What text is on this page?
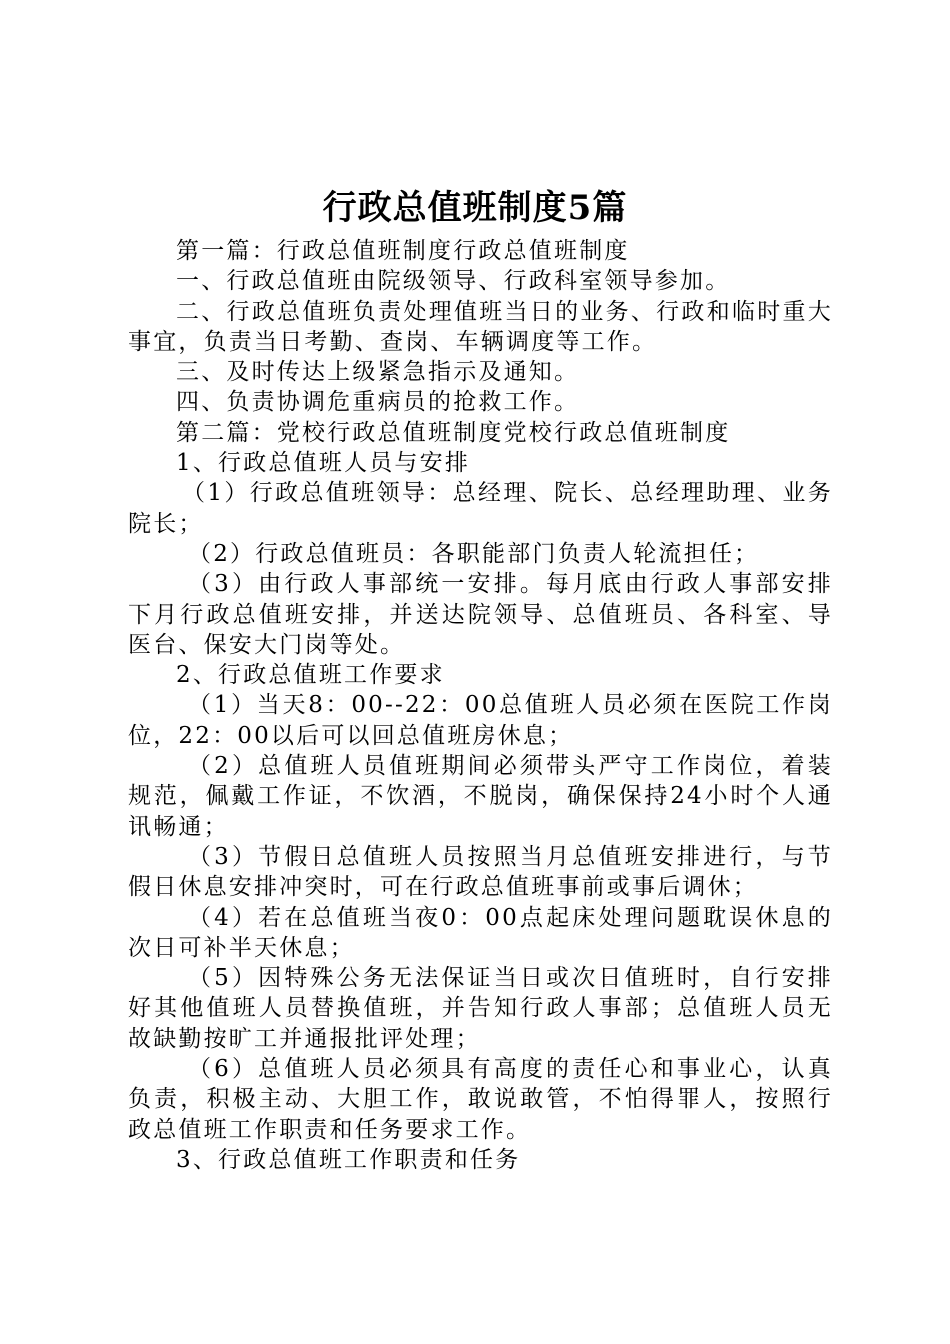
行政总值班制度5篇

第一篇：行政总值班制度行政总值班制度

一、行政总值班由院级领导、行政科室领导参加。

二、行政总值班负责处理值班当日的业务、行政和临时重大事宜，负责当日考勤、查岗、车辆调度等工作。

三、及时传达上级紧急指示及通知。

四、负责协调危重病员的抢救工作。

第二篇：党校行政总值班制度党校行政总值班制度

1、行政总值班人员与安排

（1）行政总值班领导：总经理、院长、总经理助理、业务院长；

（2）行政总值班员：各职能部门负责人轮流担任；

（3）由行政人事部统一安排。每月底由行政人事部安排下月行政总值班安排，并送达院领导、总值班员、各科室、导医台、保安大门岗等处。

2、行政总值班工作要求

（1）当天8：00--22：00总值班人员必须在医院工作岗位，22：00以后可以回总值班房休息；

（2）总值班人员值班期间必须带头严守工作岗位，着装规范，佩戴工作证，不饮酒，不脱岗，确保保持24小时个人通讯畅通；

（3）节假日总值班人员按照当月总值班安排进行，与节假日休息安排冲突时，可在行政总值班事前或事后调休；

（4）若在总值班当夜0：00点起床处理问题耽误休息的次日可补半天休息；

（5）因特殊公务无法保证当日或次日值班时，自行安排好其他值班人员替换值班，并告知行政人事部；总值班人员无故缺勤按旷工并通报批评处理；

（6）总值班人员必须具有高度的责任心和事业心，认真负责，积极主动、大胆工作，敢说敢管，不怕得罪人，按照行政总值班工作职责和任务要求工作。

3、行政总值班工作职责和任务
